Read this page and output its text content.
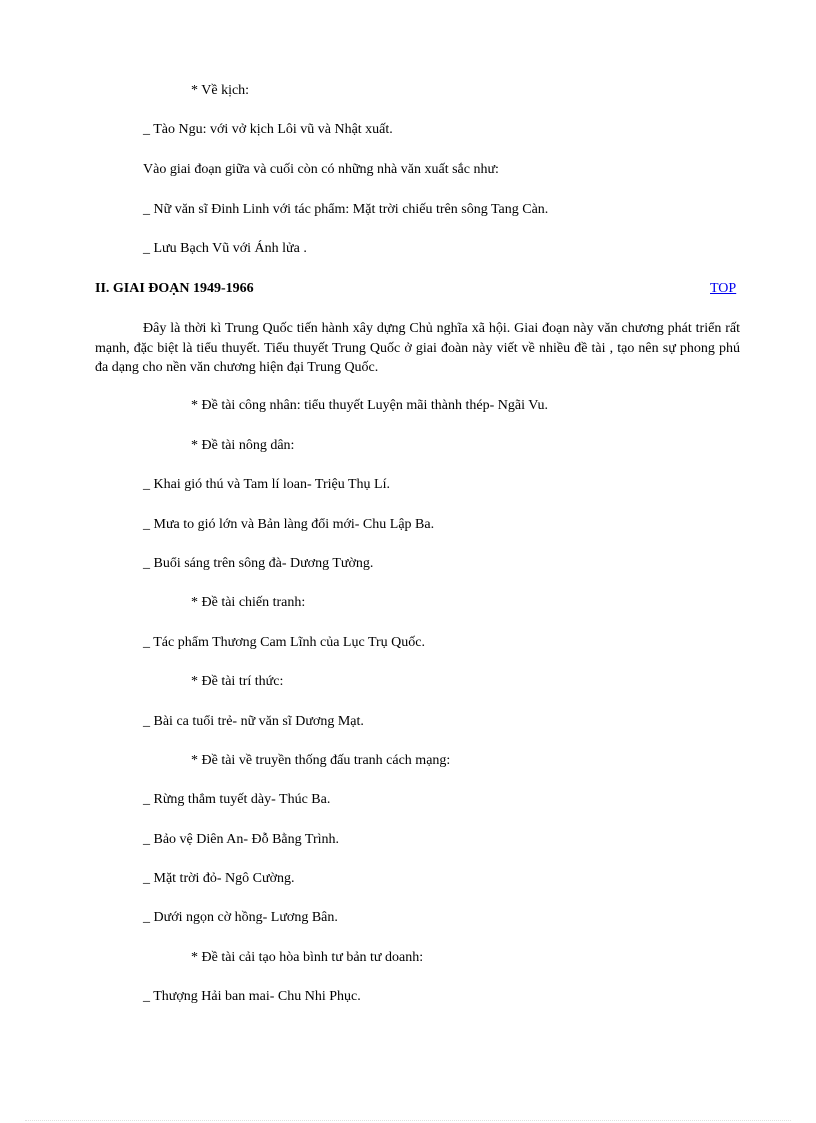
* Về kịch:
_ Tào Ngu: với vở kịch Lôi vũ và Nhật xuất.
Vào giai đoạn giữa và cuối còn có những nhà văn xuất sắc như:
_ Nữ văn sĩ Đinh Linh với tác phẩm: Mặt trời chiếu trên sông Tang Càn.
_ Lưu Bạch Vũ với Ánh lửa .
II. GIAI ĐOẠN 1949-1966	TOP
Đây là thời kì Trung Quốc tiến hành xây dựng Chủ nghĩa xã hội. Giai đoạn này văn chương phát triển rất mạnh, đặc biệt là tiểu thuyết. Tiểu thuyết Trung Quốc ở giai đoàn này viết về nhiều đề tài , tạo nên sự phong phú đa dạng cho nền văn chương hiện đại Trung Quốc.
* Đề tài công nhân: tiểu thuyết Luyện mãi thành thép- Ngãi Vu.
* Đề tài nông dân:
_ Khai gió thú và Tam lí loan- Triệu Thụ Lí.
_ Mưa to gió lớn và Bản làng đổi mới- Chu Lập Ba.
_ Buổi sáng trên sông đà- Dương Tường.
* Đề tài chiến tranh:
_ Tác phẩm Thương Cam Lĩnh của Lục Trụ Quốc.
* Đề tài trí thức:
_ Bài ca tuổi trẻ- nữ văn sĩ Dương Mạt.
* Đề tài về truyền thống đấu tranh cách mạng:
_ Rừng thẳm tuyết dày- Thúc Ba.
_ Bảo vệ Diên An- Đỗ Bằng Trình.
_ Mặt trời đỏ- Ngô Cường.
_ Dưới ngọn cờ hồng- Lương Bân.
* Đề tài cải tạo hòa bình tư bản tư doanh:
_ Thượng Hải ban mai- Chu Nhi Phục.
